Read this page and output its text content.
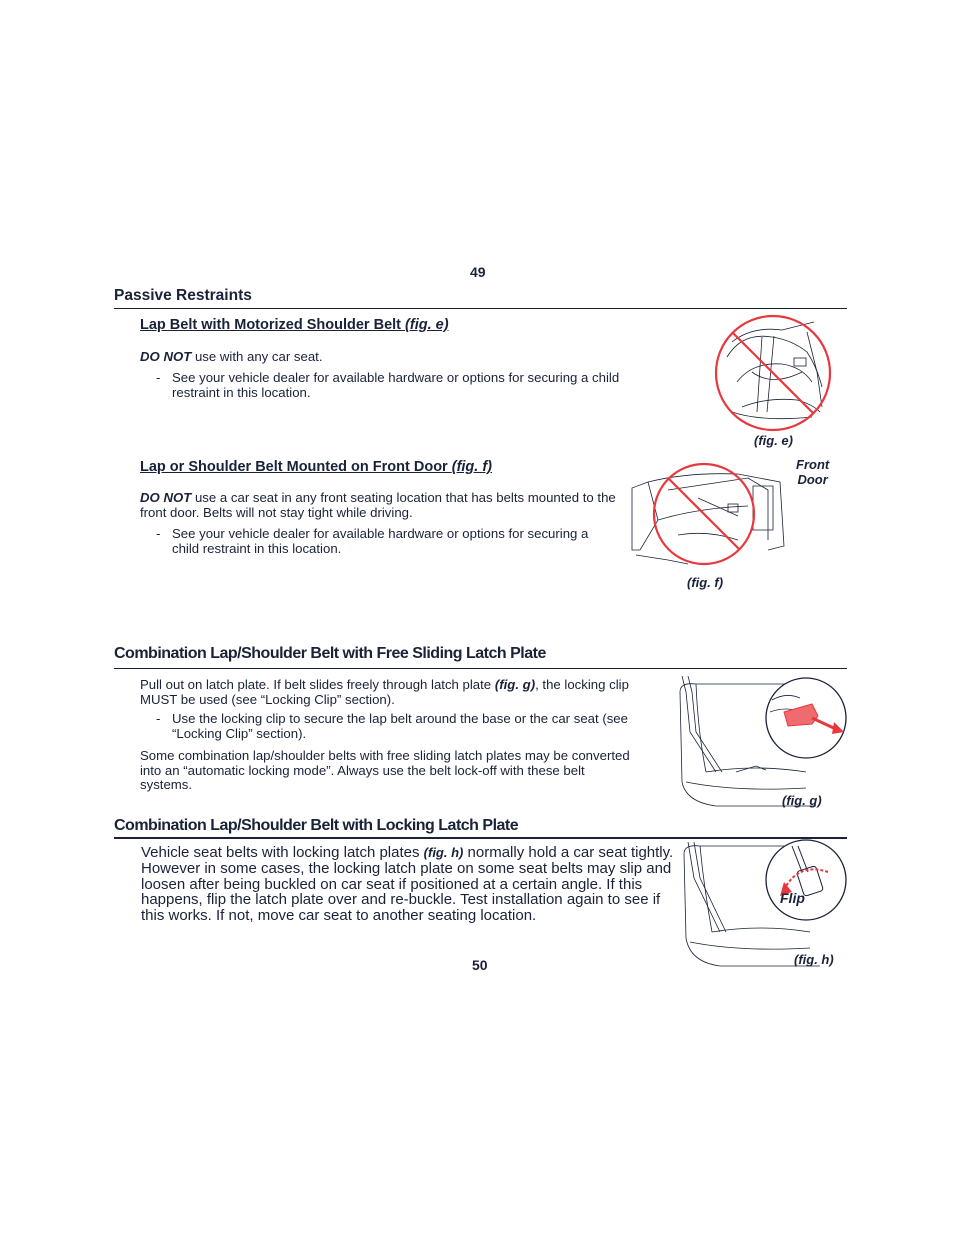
49
Passive Restraints
Lap Belt with Motorized Shoulder Belt (fig. e)
DO NOT use with any car seat.
- See your vehicle dealer for available hardware or options for securing a child restraint in this location.
(fig. e)
Lap or Shoulder Belt Mounted on Front Door (fig. f)
DO NOT use a car seat in any front seating location that has belts mounted to the front door. Belts will not stay tight while driving.
- See your vehicle dealer for available hardware or options for securing a child restraint in this location.
Front
Door
(fig. f)
Combination Lap/Shoulder Belt with Free Sliding Latch Plate
Pull out on latch plate. If belt slides freely through latch plate (fig. g), the locking clip MUST be used (see “Locking Clip” section).
- Use the locking clip to secure the lap belt around the base or the car seat (see “Locking Clip” section).
Some combination lap/shoulder belts with free sliding latch plates may be converted into an “automatic locking mode”. Always use the belt lock-off with these belt systems.
(fig. g)
Combination Lap/Shoulder Belt with Locking Latch Plate
Vehicle seat belts with locking latch plates (fig. h) normally hold a car seat tightly. However in some cases, the locking latch plate on some seat belts may slip and loosen after being buckled on car seat if positioned at a certain angle. If this happens, flip the latch plate over and re-buckle. Test installation again to see if this works. If not, move car seat to another seating location.
Flip
(fig. h)
50
